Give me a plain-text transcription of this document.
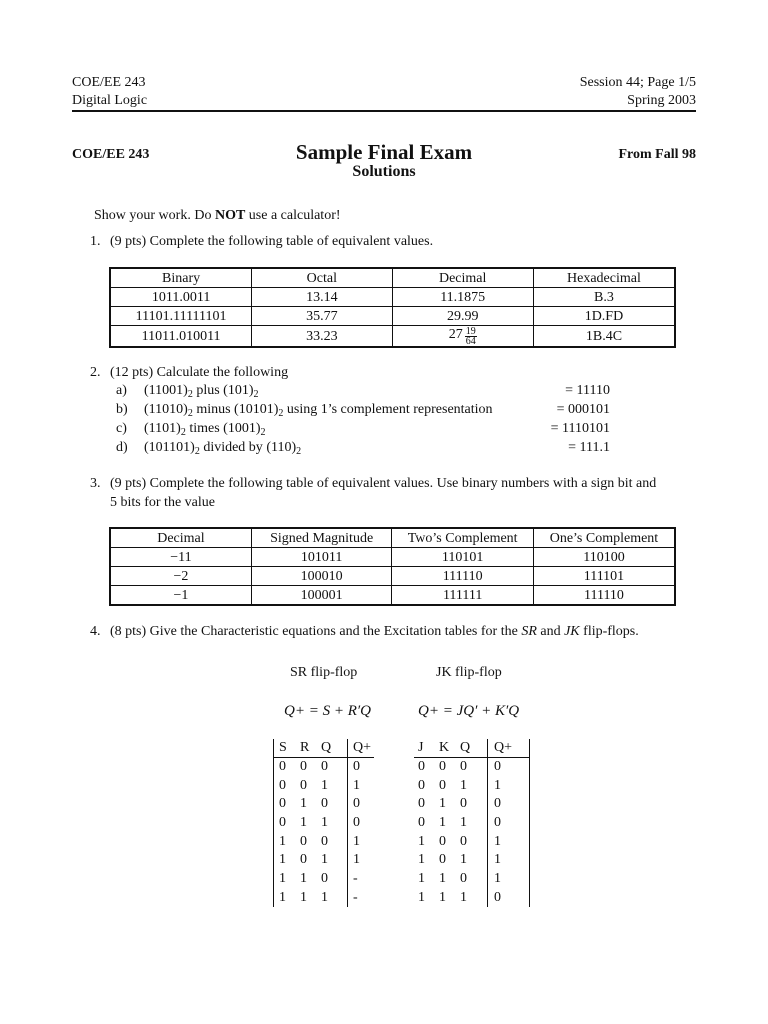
COE/EE 243
Digital Logic
Session 44; Page 1/5
Spring 2003
COE/EE 243	Sample Final Exam
Solutions
From Fall 98
Show your work. Do NOT use a calculator!
1. (9 pts) Complete the following table of equivalent values.
Binary	Octal	Decimal	Hexadecimal
1011.0011	13.14	11.1875	B.3
11101.11111101	35.77	29.99	1D.FD
11011.010011	33.23	$27 \frac{19}{64}$	1B.4C
2. (12 pts) Calculate the following
a) $(11001)_2$ plus $(101)_2$	= 11110
b) $(11010)_2$ minus $(10101)_2$ using 1’s complement representation	= 000101
c) $(1101)_2$ times $(1001)_2$	= 1110101
d) $(101101)_2$ divided by $(110)_2$	= 111.1
3. (9 pts) Complete the following table of equivalent values. Use binary numbers with a sign bit and
5 bits for the value
Decimal	Signed Magnitude	Two’s Complement	One’s Complement
−11	101011	110101	110100
−2	100010	111110	111101
−1	100001	111111	111110
4. (8 pts) Give the Characteristic equations and the Excitation tables for the SR and JK flip-flops.
SR flip-flop	JK flip-flop
Q+ = S + R′Q	Q+ = JQ′ + K′Q
S	R	Q	Q+
0	0	0	0
0	0	1	1
0	1	0	0
0	1	1	0
1	0	0	1
1	0	1	1
1	1	0	-
1	1	1	-
J	K	Q	Q+
0	0	0	0
0	0	1	1
0	1	0	0
0	1	1	0
1	0	0	1
1	0	1	1
1	1	0	1
1	1	1	0
